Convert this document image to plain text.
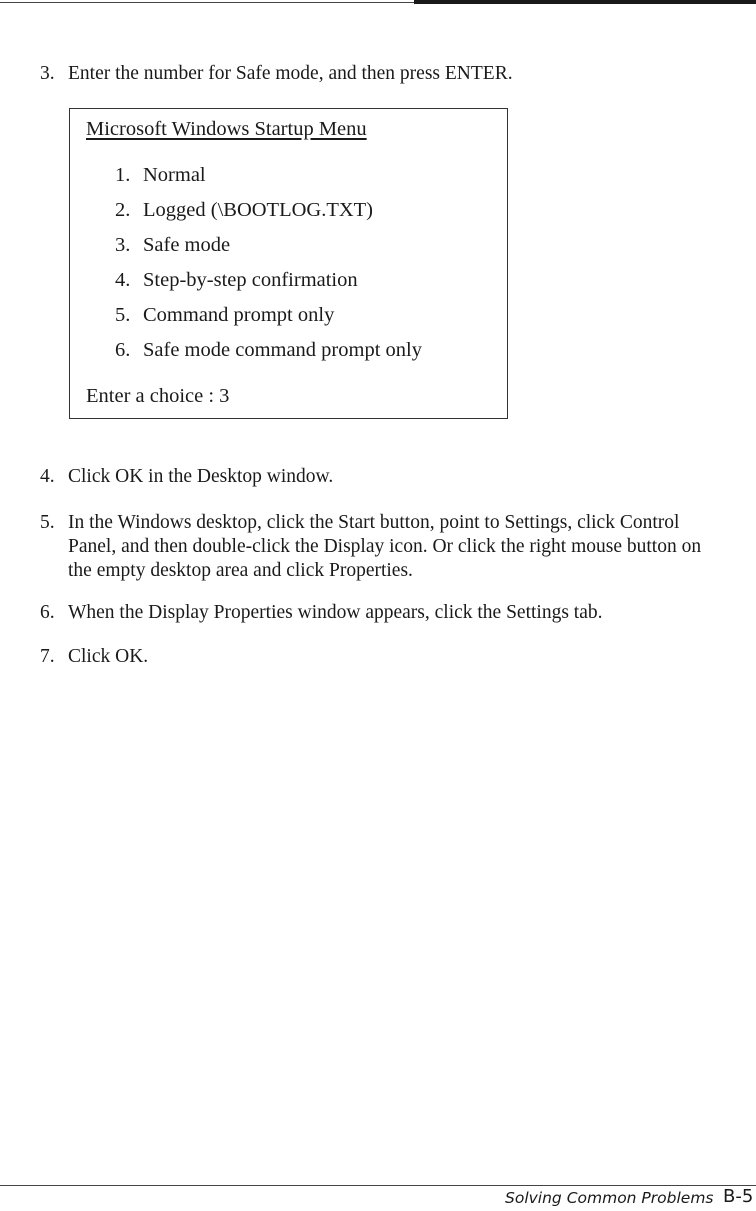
3. Enter the number for Safe mode, and then press ENTER.
Microsoft Windows Startup Menu
1. Normal
2. Logged (\BOOTLOG.TXT)
3. Safe mode
4. Step-by-step confirmation
5. Command prompt only
6. Safe mode command prompt only
Enter a choice : 3
4. Click OK in the Desktop window.
5. In the Windows desktop, click the Start button, point to Settings, click Control
Panel, and then double-click the Display icon. Or click the right mouse button on
the empty desktop area and click Properties.
6. When the Display Properties window appears, click the Settings tab.
7. Click OK.
Solving Common Problems B-5
